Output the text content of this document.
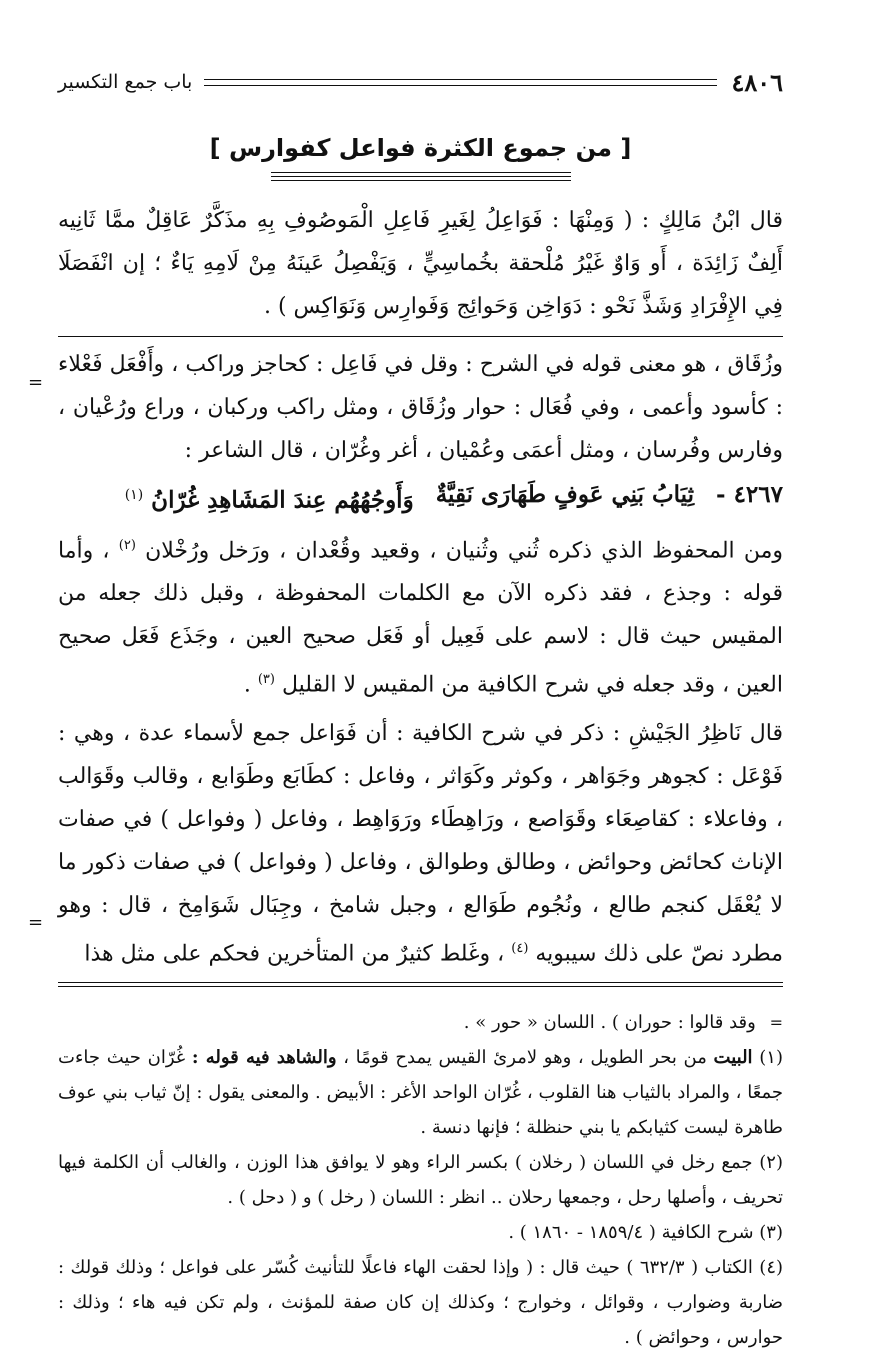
٤٨٠٦
باب جمع التكسير
[ من جموع الكثرة فواعل كفوارس ]

قال ابْنُ مَالِكٍ : ( وَمِنْهَا : فَوَاعِلُ لِغَيرِ فَاعِلِ الْمَوصُوفِ بِهِ مذَكَّرٌ عَاقِلٌ ممَّا ثَانِيه أَلِفٌ زَائِدَة ، أَو وَاوٌ غَيْرُ مُلْحقة بخُماسِيٍّ ، وَيَفْصِلُ عَينَهُ مِنْ لَامِهِ يَاءٌ ؛ إن انْفَصَلَا فِي الإِفْرَادِ وَشَذَّ نَحْو : دَوَاخِن وَحَوائِج وَفَوارِس وَنَوَاكِس ) .

=

وزُقَاق ، هو معنى قوله في الشرح : وقل في فَاعِل : كحاجز وراكب ، وأَفْعَل فَعْلاء : كأسود وأعمى ، وفي فُعَال : حوار وزُقَاق ، ومثل راكب وركبان ، وراع ورُعْيان ، وفارس وفُرسان ، ومثل أعمَى وعُمْيان ، أغر وغُرّان ، قال الشاعر :

٤٢٦٧ -
ثِيَابُ بَنِي عَوفٍ طَهَارَى نَقِيَّةٌ
وَأَوجُهُهُم عِندَ المَشَاهِدِ غُرّانُ $^{(١)}$

ومن المحفوظ الذي ذكره ثُني وثُنيان ، وقعيد وقُعْدان ، ورَخل ورُخْلان $^{(٢)}$ ، وأما قوله : وجذع ، فقد ذكره الآن مع الكلمات المحفوظة ، وقبل ذلك جعله من المقيس حيث قال : لاسم على فَعِيل أو فَعَل صحيح العين ، وجَذَع فَعَل صحيح العين ، وقد جعله في شرح الكافية من المقيس لا القليل $^{(٣)}$ .

قال نَاظِرُ الجَيْشِ : ذكر في شرح الكافية : أن فَوَاعل جمع لأسماء عدة ، وهي : فَوْعَل : كجوهر وجَوَاهر ، وكوثر وكَوَاثر ، وفاعل : كطَابَع وطَوَابع ، وقالب وقَوَالب ، وفاعلاء : كقاصِعَاء وقَوَاصع ، ورَاهِطَاء ورَوَاهِط ، وفاعل ( وفواعل ) في صفات الإناث كحائض وحوائض ، وطالق وطوالق ، وفاعل ( وفواعل ) في صفات ذكور ما لا يُعْقَل كنجم طالع ، ونُجُوم طَوَالع ، وجبل شامخ ، وجِبَال شَوَامِخ ، قال : وهو مطرد نصّ على ذلك سيبويه $^{(٤)}$ ، وغَلط كثيرٌ من المتأخرين فحكم على مثل هذا

=

= وقد قالوا : حوران ) . اللسان « حور » .

(١) البيت من بحر الطويل ، وهو لامرئ القيس يمدح قومًا ، والشاهد فيه قوله : غُرّان حيث جاءت جمعًا ، والمراد بالثياب هنا القلوب ، غُرّان الواحد الأغر : الأبيض . والمعنى يقول : إنّ ثياب بني عوف طاهرة ليست كثيابكم يا بني حنظلة ؛ فإنها دنسة .

(٢) جمع رخل في اللسان ( رخلان ) بكسر الراء وهو لا يوافق هذا الوزن ، والغالب أن الكلمة فيها تحريف ، وأصلها رحل ، وجمعها رحلان .. انظر : اللسان ( رخل ) و ( دحل ) .

(٣) شرح الكافية ( ١٨٥٩/٤ - ١٨٦٠ ) .

(٤) الكتاب ( ٦٣٢/٣ ) حيث قال : ( وإذا لحقت الهاء فاعلًا للتأنيث كُسّر على فواعل ؛ وذلك قولك : ضاربة وضوارب ، وقوائل ، وخوارج ؛ وكذلك إن كان صفة للمؤنث ، ولم تكن فيه هاء ؛ وذلك : حوارس ، وحوائض ) .
